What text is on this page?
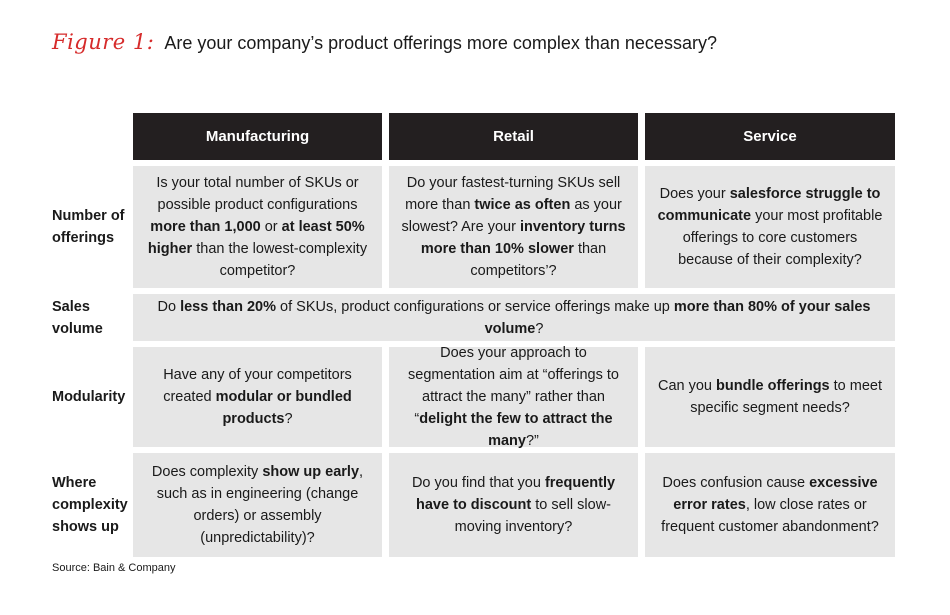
Figure 1: Are your company’s product offerings more complex than necessary?
Manufacturing	Retail	Service
Number of offerings
Is your total number of SKUs or possible product configurations more than 1,000 or at least 50% higher than the lowest-complexity competitor?
Do your fastest-turning SKUs sell more than twice as often as your slowest? Are your inventory turns more than 10% slower than competitors’?
Does your salesforce struggle to communicate your most profitable offerings to core customers because of their complexity?
Sales volume
Do less than 20% of SKUs, product configurations or service offerings make up more than 80% of your sales volume?
Modularity
Have any of your competitors created modular or bundled products?
Does your approach to segmentation aim at “offerings to attract the many” rather than “delight the few to attract the many?”
Can you bundle offerings to meet specific segment needs?
Where complexity shows up
Does complexity show up early, such as in engineering (change orders) or assembly (unpredictability)?
Do you find that you frequently have to discount to sell slow-moving inventory?
Does confusion cause excessive error rates, low close rates or frequent customer abandonment?
Source: Bain & Company
